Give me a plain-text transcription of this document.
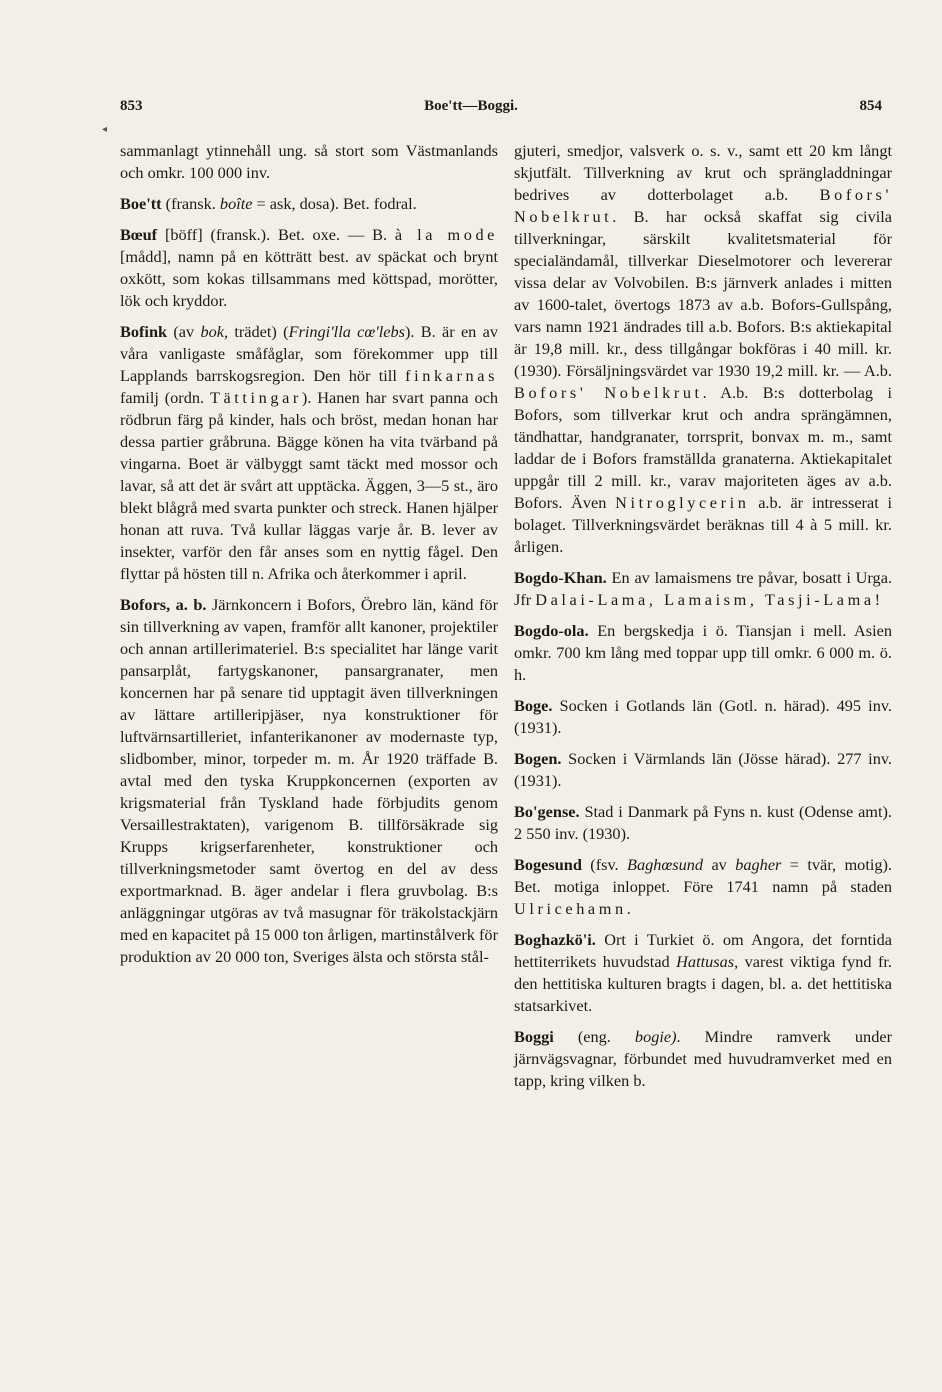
853	Boe'tt—Boggi.	854
◂

sammanlagt ytinnehåll ung. så stort som Västmanlands och omkr. 100 000 inv.

Boe'tt (fransk. boîte = ask, dosa). Bet. fodral.

Bœuf [böff] (fransk.). Bet. oxe. — B. à la mode [mådd], namn på en kötträtt best. av späckat och brynt oxkött, som kokas tillsammans med köttspad, morötter, lök och kryddor.

Bofink (av bok, trädet) (Fringi'lla cœ'lebs). B. är en av våra vanligaste småfåglar, som förekommer upp till Lapplands barrskogsregion. Den hör till finkarnas familj (ordn. Tättingar). Hanen har svart panna och rödbrun färg på kinder, hals och bröst, medan honan har dessa partier gråbruna. Bägge könen ha vita tvärband på vingarna. Boet är välbyggt samt täckt med mossor och lavar, så att det är svårt att upptäcka. Äggen, 3—5 st., äro blekt blågrå med svarta punkter och streck. Hanen hjälper honan att ruva. Två kullar läggas varje år. B. lever av insekter, varför den får anses som en nyttig fågel. Den flyttar på hösten till n. Afrika och återkommer i april.

Bofors, a. b. Järnkoncern i Bofors, Örebro län, känd för sin tillverkning av vapen, framför allt kanoner, projektiler och annan artillerimateriel. B:s specialitet har länge varit pansarplåt, fartygskanoner, pansargranater, men koncernen har på senare tid upptagit även tillverkningen av lättare artilleripjäser, nya konstruktioner för luftvärnsartilleriet, infanterikanoner av modernaste typ, slidbomber, minor, torpeder m. m. År 1920 träffade B. avtal med den tyska Kruppkoncernen (exporten av krigsmaterial från Tyskland hade förbjudits genom Versaillestraktaten), varigenom B. tillförsäkrade sig Krupps krigserfarenheter, konstruktioner och tillverkningsmetoder samt övertog en del av dess exportmarknad. B. äger andelar i flera gruvbolag. B:s anläggningar utgöras av två masugnar för träkolstackjärn med en kapacitet på 15 000 ton årligen, martinstålverk för produktion av 20 000 ton, Sveriges älsta och största stål-

gjuteri, smedjor, valsverk o. s. v., samt ett 20 km långt skjutfält. Tillverkning av krut och sprängladdningar bedrives av dotterbolaget a.b. Bofors' Nobelkrut. B. har också skaffat sig civila tillverkningar, särskilt kvalitetsmaterial för specialändamål, tillverkar Dieselmotorer och levererar vissa delar av Volvobilen. B:s järnverk anlades i mitten av 1600-talet, övertogs 1873 av a.b. Bofors-Gullspång, vars namn 1921 ändrades till a.b. Bofors. B:s aktiekapital är 19,8 mill. kr., dess tillgångar bokföras i 40 mill. kr. (1930). Försäljningsvärdet var 1930 19,2 mill. kr. — A.b. Bofors' Nobelkrut. A.b. B:s dotterbolag i Bofors, som tillverkar krut och andra sprängämnen, tändhattar, handgranater, torrsprit, bonvax m. m., samt laddar de i Bofors framställda granaterna. Aktiekapitalet uppgår till 2 mill. kr., varav majoriteten äges av a.b. Bofors. Även Nitroglycerin a.b. är intresserat i bolaget. Tillverkningsvärdet beräknas till 4 à 5 mill. kr. årligen.

Bogdo-Khan. En av lamaismens tre påvar, bosatt i Urga. Jfr Dalai-Lama, Lamaism, Tasji-Lama!

Bogdo-ola. En bergskedja i ö. Tiansjan i mell. Asien omkr. 700 km lång med toppar upp till omkr. 6 000 m. ö. h.

Boge. Socken i Gotlands län (Gotl. n. härad). 495 inv. (1931).

Bogen. Socken i Värmlands län (Jösse härad). 277 inv. (1931).

Bo'gense. Stad i Danmark på Fyns n. kust (Odense amt). 2 550 inv. (1930).

Bogesund (fsv. Baghœsund av bagher = tvär, motig). Bet. motiga inloppet. Före 1741 namn på staden Ulricehamn.

Boghazkö'i. Ort i Turkiet ö. om Angora, det forntida hettiterrikets huvudstad Hattusas, varest viktiga fynd fr. den hettitiska kulturen bragts i dagen, bl. a. det hettitiska statsarkivet.

Boggi (eng. bogie). Mindre ramverk under järnvägsvagnar, förbundet med huvudramverket med en tapp, kring vilken b.
